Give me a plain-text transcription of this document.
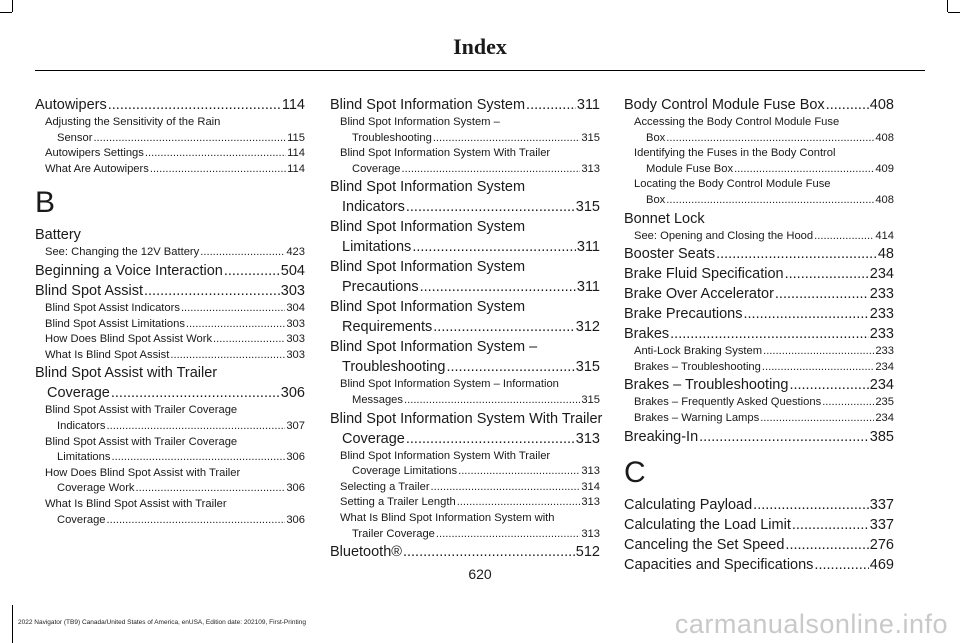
Index
Autowipers .....	114
Adjusting the Sensitivity of the Rain
Sensor .....	115
Autowipers Settings .....	114
What Are Autowipers .....	114
B
Battery
See: Changing the 12V Battery .....	423
Beginning a Voice Interaction .....	504
Blind Spot Assist .....	303
Blind Spot Assist Indicators .....	304
Blind Spot Assist Limitations .....	303
How Does Blind Spot Assist Work .....	303
What Is Blind Spot Assist .....	303
Blind Spot Assist with Trailer
Coverage .....	306
Blind Spot Assist with Trailer Coverage
Indicators .....	307
Blind Spot Assist with Trailer Coverage
Limitations .....	306
How Does Blind Spot Assist with Trailer
Coverage Work .....	306
What Is Blind Spot Assist with Trailer
Coverage .....	306
Blind Spot Information System .....	311
Blind Spot Information System –
Troubleshooting .....	315
Blind Spot Information System With Trailer
Coverage .....	313
Blind Spot Information System
Indicators .....	315
Blind Spot Information System
Limitations .....	311
Blind Spot Information System
Precautions .....	311
Blind Spot Information System
Requirements .....	312
Blind Spot Information System –
Troubleshooting .....	315
Blind Spot Information System – Information
Messages .....	315
Blind Spot Information System With Trailer
Coverage .....	313
Blind Spot Information System With Trailer
Coverage Limitations .....	313
Selecting a Trailer .....	314
Setting a Trailer Length .....	313
What Is Blind Spot Information System with
Trailer Coverage .....	313
Bluetooth® .....	512
Body Control Module Fuse Box .....	408
Accessing the Body Control Module Fuse
Box .....	408
Identifying the Fuses in the Body Control
Module Fuse Box .....	409
Locating the Body Control Module Fuse
Box .....	408
Bonnet Lock
See: Opening and Closing the Hood .....	414
Booster Seats .....	48
Brake Fluid Specification .....	234
Brake Over Accelerator .....	233
Brake Precautions .....	233
Brakes .....	233
Anti-Lock Braking System .....	233
Brakes – Troubleshooting .....	234
Brakes – Troubleshooting .....	234
Brakes – Frequently Asked Questions .....	235
Brakes – Warning Lamps .....	234
Breaking-In .....	385
C
Calculating Payload .....	337
Calculating the Load Limit .....	337
Canceling the Set Speed .....	276
Capacities and Specifications .....	469
620
2022 Navigator (TB9) Canada/United States of America, enUSA, Edition date: 202109, First-Printing	carmanualsonline.info
